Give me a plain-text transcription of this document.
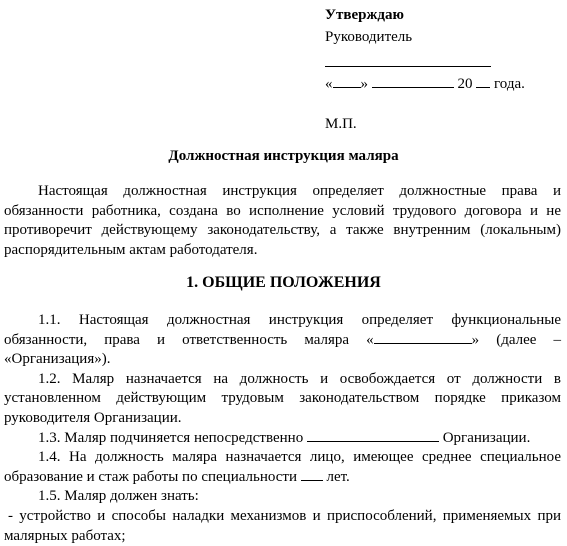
Утверждаю
Руководитель
« »	20 года.
М.П.
Должностная инструкция маляра

Настоящая должностная инструкция определяет должностные права и обязанности работника, создана во исполнение условий трудового договора и не противоречит действующему законодательству, а также внутренним (локальным) распорядительным актам работодателя.

1. ОБЩИЕ ПОЛОЖЕНИЯ

1.1. Настоящая должностная инструкция определяет функциональные обязанности, права и ответственность маляра «	» (далее – «Организация»).

1.2. Маляр назначается на должность и освобождается от должности в установленном действующим трудовым законодательством порядке приказом руководителя Организации.

1.3. Маляр подчиняется непосредственно	Организации.

1.4. На должность маляра назначается лицо, имеющее среднее специальное образование и стаж работы по специальности лет.

1.5. Маляр должен знать:

- устройство и способы наладки механизмов и приспособлений, применяемых при малярных работах;
